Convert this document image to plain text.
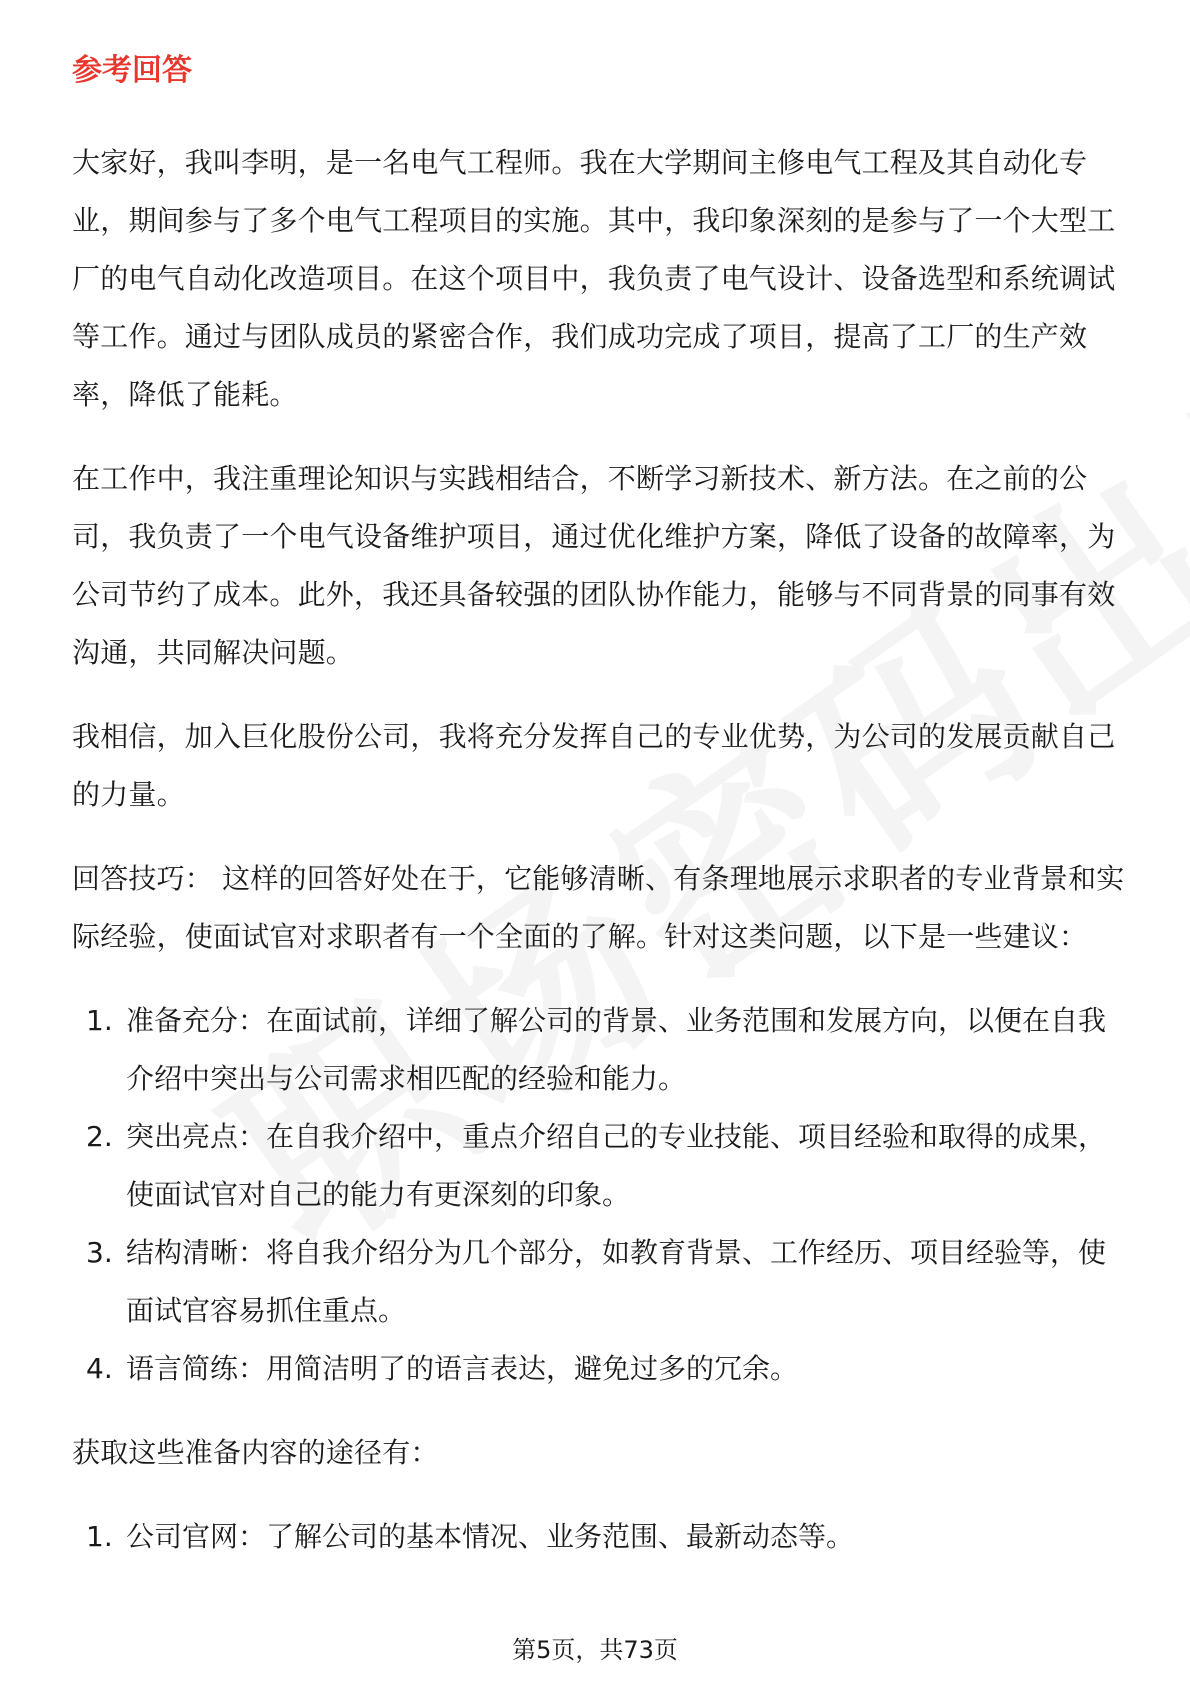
参考回答

大家好，我叫李明，是一名电气工程师。我在大学期间主修电气工程及其自动化专业，期间参与了多个电气工程项目的实施。其中，我印象深刻的是参与了一个大型工厂的电气自动化改造项目。在这个项目中，我负责了电气设计、设备选型和系统调试等工作。通过与团队成员的紧密合作，我们成功完成了项目，提高了工厂的生产效率，降低了能耗。

在工作中，我注重理论知识与实践相结合，不断学习新技术、新方法。在之前的公司，我负责了一个电气设备维护项目，通过优化维护方案，降低了设备的故障率，为公司节约了成本。此外，我还具备较强的团队协作能力，能够与不同背景的同事有效沟通，共同解决问题。

我相信，加入巨化股份公司，我将充分发挥自己的专业优势，为公司的发展贡献自己的力量。

回答技巧： 这样的回答好处在于，它能够清晰、有条理地展示求职者的专业背景和实际经验，使面试官对求职者有一个全面的了解。针对这类问题，以下是一些建议：

1. 准备充分：在面试前，详细了解公司的背景、业务范围和发展方向，以便在自我介绍中突出与公司需求相匹配的经验和能力。
2. 突出亮点：在自我介绍中，重点介绍自己的专业技能、项目经验和取得的成果，使面试官对自己的能力有更深刻的印象。
3. 结构清晰：将自我介绍分为几个部分，如教育背景、工作经历、项目经验等，使面试官容易抓住重点。
4. 语言简练：用简洁明了的语言表达，避免过多的冗余。

获取这些准备内容的途径有：

1. 公司官网：了解公司的基本情况、业务范围、最新动态等。
第5页，共73页
